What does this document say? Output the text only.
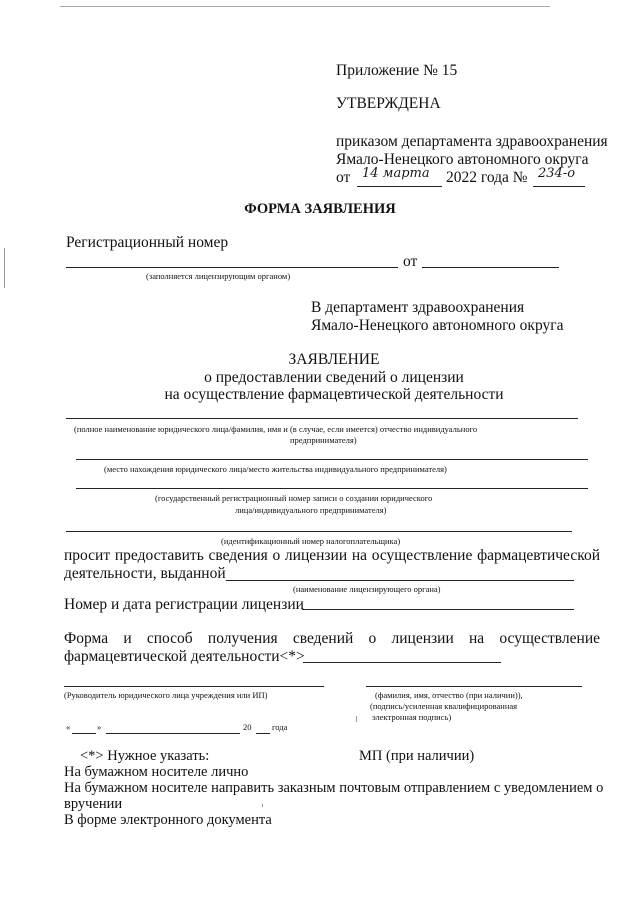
Приложение № 15
УТВЕРЖДЕНА
приказом департамента здравоохранения
Ямало-Ненецкого автономного округа
от 14 марта 2022 года № 234-о
ФОРМА ЗАЯВЛЕНИЯ
Регистрационный номер
от
(заполняется лицензирующим органом)
В департамент здравоохранения
Ямало-Ненецкого автономного округа
ЗАЯВЛЕНИЕ
о предоставлении сведений о лицензии
на осуществление фармацевтической деятельности
(полное наименование юридического лица/фамилия, имя и (в случае, если имеется) отчество индивидуального
предпринимателя)
(место нахождения юридического лица/место жительства индивидуального предпринимателя)
(государственный регистрационный номер записи о создании юридического
лица/индивидуального предпринимателя)
(идентификационный номер налогоплательщика)
просит предоставить сведения о лицензии на осуществление фармацевтической
деятельности, выданной
(наименование лицензирующего органа)
Номер и дата регистрации лицензии
Форма и способ получения сведений о лицензии на осуществление
фармацевтической деятельности<*>
(Руководитель юридического лица учреждения или ИП)	(фамилия, имя, отчество (при наличии)),
(подпись/усиленная квалифицированная
электронная подпись)
«	»	20 года
<*> Нужное указать:	МП (при наличии)
На бумажном носителе лично
На бумажном носителе направить заказным почтовым отправлением с уведомлением о
вручении
В форме электронного документа
